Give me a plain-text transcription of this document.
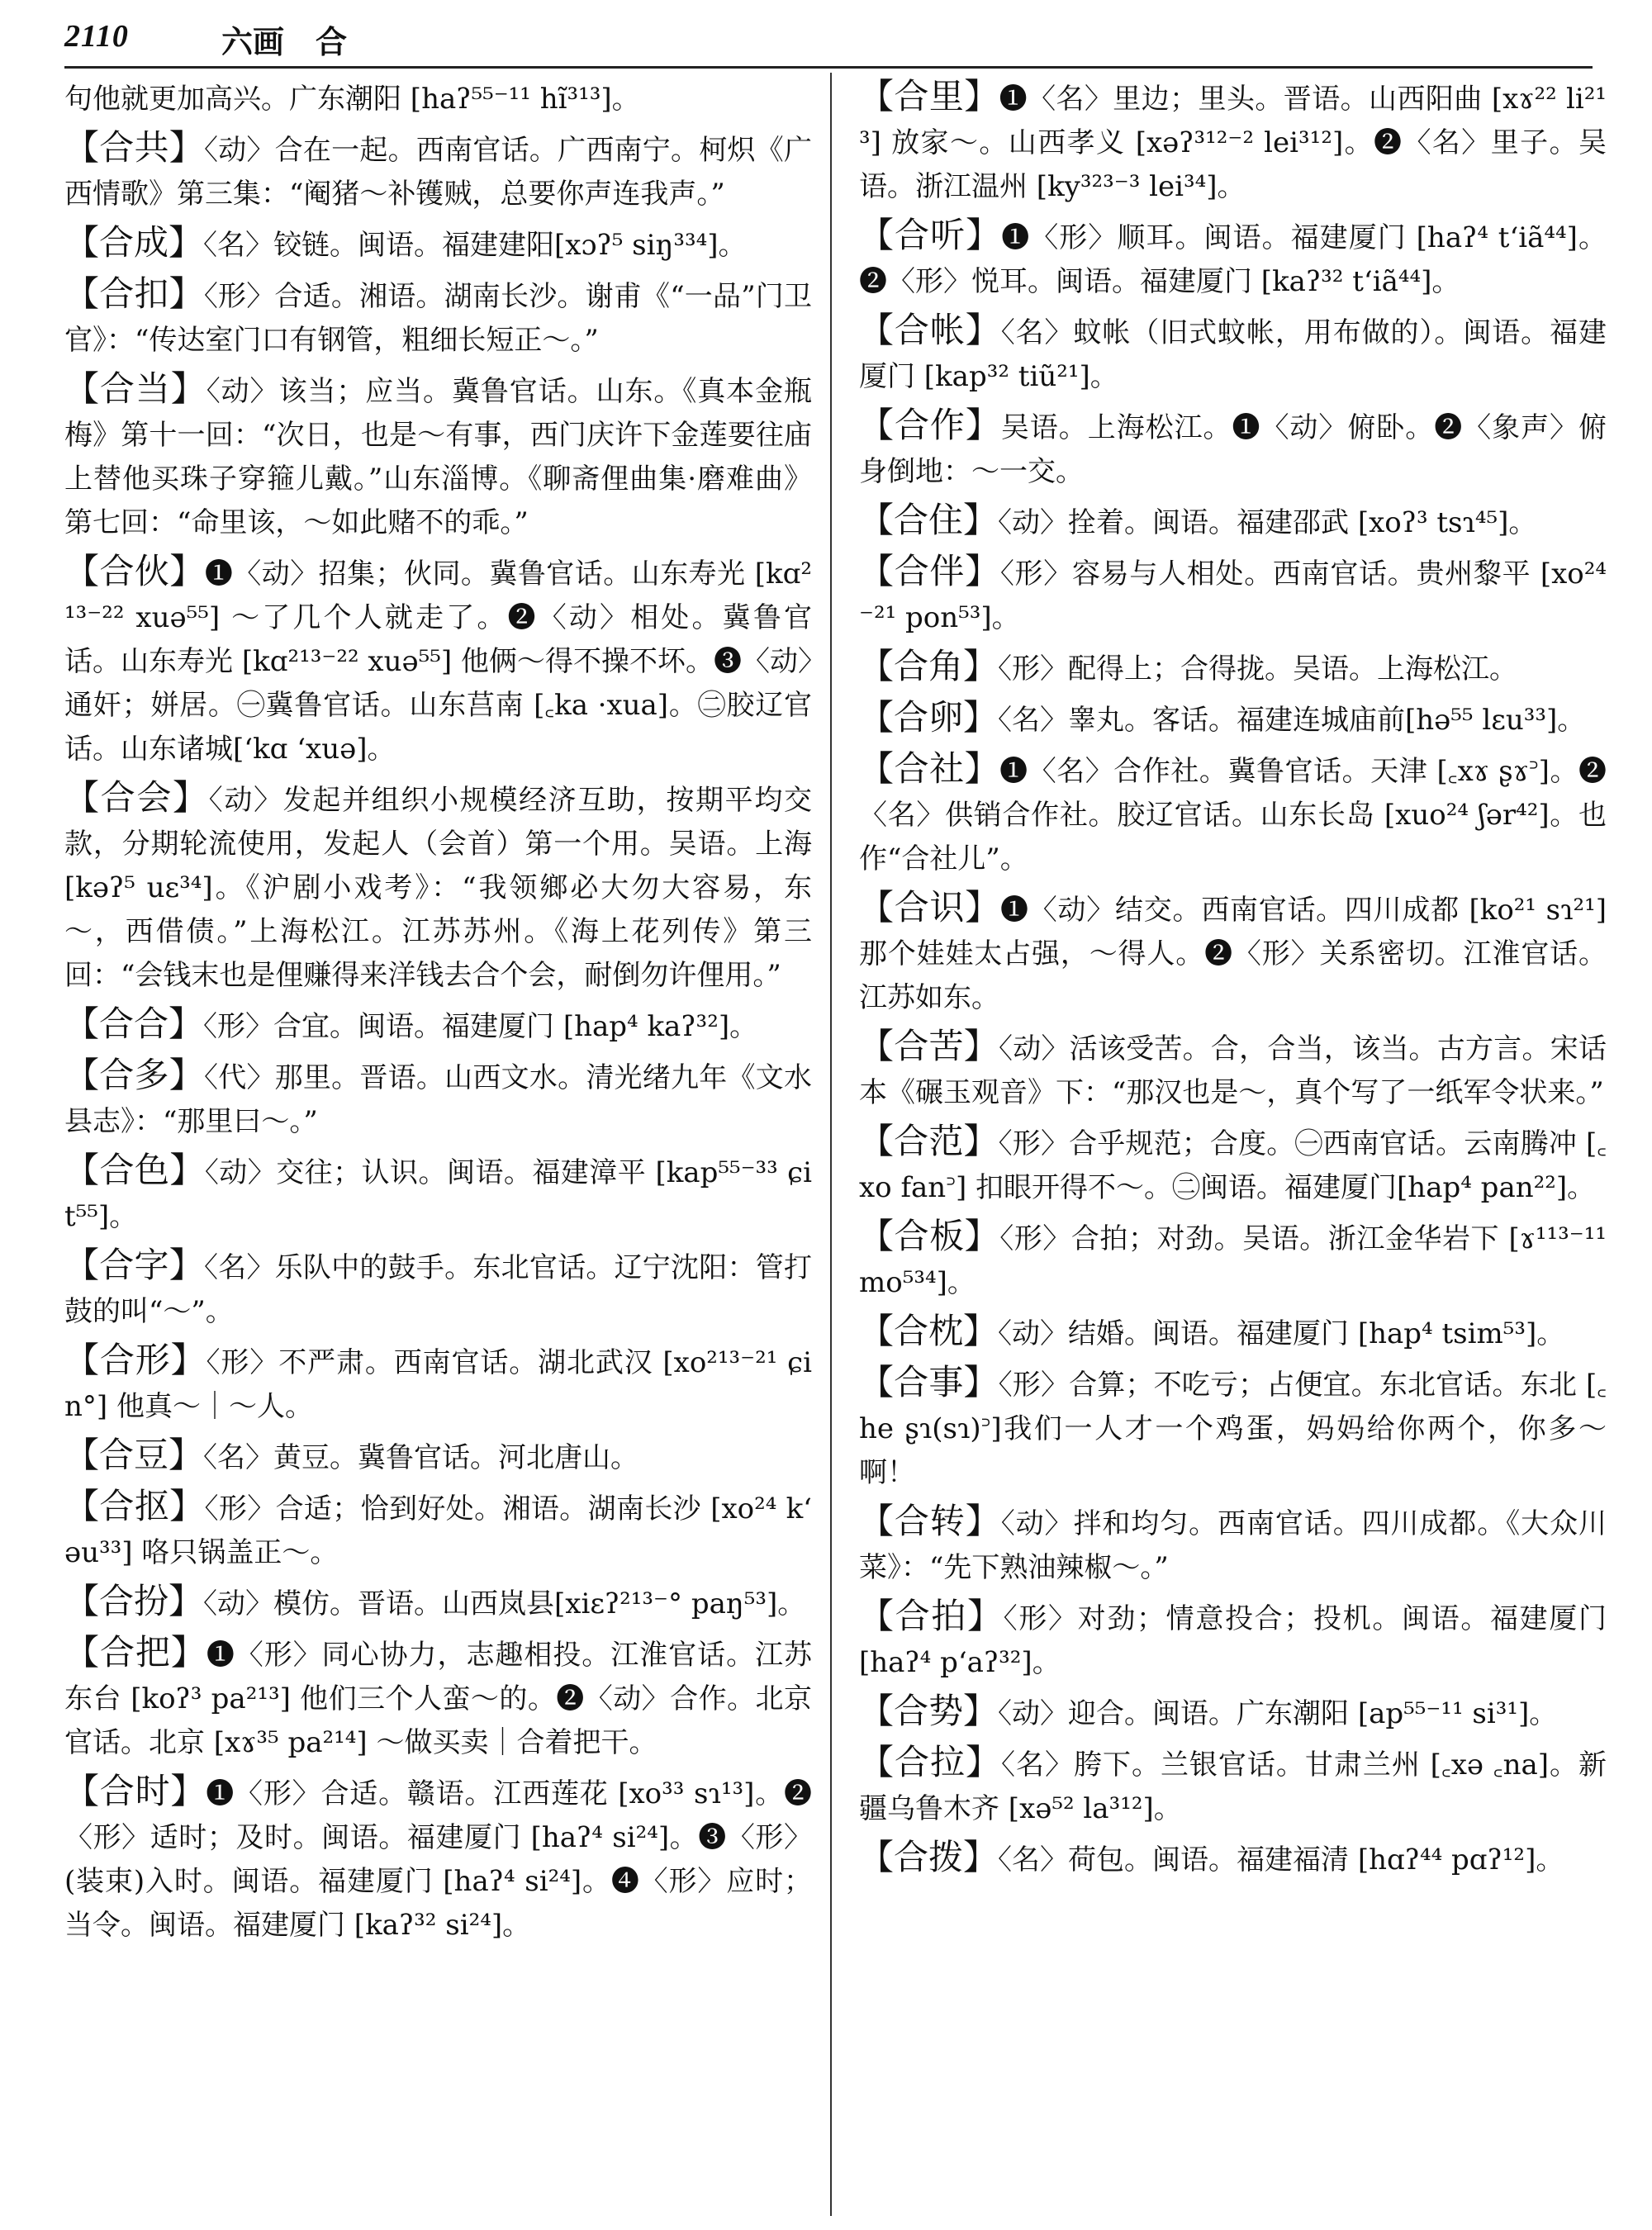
2110	六画　合
句他就更加高兴。广东潮阳 [haʔ⁵⁵⁻¹¹ hĩ³¹³]。
【合共】〈动〉合在一起。西南官话。广西南宁。柯炽《广西情歌》第三集：“阉猪～补镬贼，总要你声连我声。”
【合成】〈名〉铰链。闽语。福建建阳[xɔʔ⁵ siŋ³³⁴]。
【合扣】〈形〉合适。湘语。湖南长沙。谢甫《“一品”门卫官》：“传达室门口有钢管，粗细长短正～。”
【合当】〈动〉该当；应当。冀鲁官话。山东。《真本金瓶梅》第十一回：“次日，也是～有事，西门庆许下金莲要往庙上替他买珠子穿箍儿戴。”山东淄博。《聊斋俚曲集·磨难曲》第七回：“命里该，～如此赌不的乖。”
【合伙】❶〈动〉招集；伙同。冀鲁官话。山东寿光 [kɑ²¹³⁻²² xuə⁵⁵] ～了几个人就走了。❷〈动〉相处。冀鲁官话。山东寿光 [kɑ²¹³⁻²² xuə⁵⁵] 他俩～得不操不坏。❸〈动〉通奸；姘居。㊀冀鲁官话。山东莒南 [꜀ka ·xua]。㊁胶辽官话。山东诸城[ʻkɑ ʻxuə]。
【合会】〈动〉发起并组织小规模经济互助，按期平均交款，分期轮流使用，发起人（会首）第一个用。吴语。上海 [kəʔ⁵ uɛ³⁴]。《沪剧小戏考》：“我领鄉必大勿大容易，东～，西借债。”上海松江。江苏苏州。《海上花列传》第三回：“会钱末也是俚赚得来洋钱去合个会，耐倒勿许俚用。”
【合合】〈形〉合宜。闽语。福建厦门 [hap⁴ kaʔ³²]。
【合多】〈代〉那里。晋语。山西文水。清光绪九年《文水县志》：“那里曰～。”
【合色】〈动〉交往；认识。闽语。福建漳平 [kap⁵⁵⁻³³ ɕit⁵⁵]。
【合字】〈名〉乐队中的鼓手。东北官话。辽宁沈阳：管打鼓的叫“～”。
【合形】〈形〉不严肃。西南官话。湖北武汉 [xo²¹³⁻²¹ ɕin°] 他真～｜～人。
【合豆】〈名〉黄豆。冀鲁官话。河北唐山。
【合抠】〈形〉合适；恰到好处。湘语。湖南长沙 [xo²⁴ kʻəu³³] 咯只锅盖正～。
【合扮】〈动〉模仿。晋语。山西岚县[xiɛʔ²¹³⁻° paŋ⁵³]。
【合把】❶〈形〉同心协力，志趣相投。江淮官话。江苏东台 [koʔ³ pa²¹³] 他们三个人蛮～的。❷〈动〉合作。北京官话。北京 [xɤ³⁵ pa²¹⁴] ～做买卖｜合着把干。
【合时】❶〈形〉合适。赣语。江西莲花 [xo³³ sɿ¹³]。❷〈形〉适时；及时。闽语。福建厦门 [haʔ⁴ si²⁴]。❸〈形〉(装束)入时。闽语。福建厦门 [haʔ⁴ si²⁴]。❹〈形〉应时；当令。闽语。福建厦门 [kaʔ³² si²⁴]。
【合里】❶〈名〉里边；里头。晋语。山西阳曲 [xɤ²² li²¹³] 放家～。山西孝义 [xəʔ³¹²⁻² lei³¹²]。❷〈名〉里子。吴语。浙江温州 [ky³²³⁻³ lei³⁴]。
【合听】❶〈形〉顺耳。闽语。福建厦门 [haʔ⁴ tʻiã⁴⁴]。❷〈形〉悦耳。闽语。福建厦门 [kaʔ³² tʻiã⁴⁴]。
【合帐】〈名〉蚊帐（旧式蚊帐，用布做的）。闽语。福建厦门 [kap³² tiũ²¹]。
【合作】吴语。上海松江。❶〈动〉俯卧。❷〈象声〉俯身倒地：～一交。
【合住】〈动〉拴着。闽语。福建邵武 [xoʔ³ tsɿ⁴⁵]。
【合伴】〈形〉容易与人相处。西南官话。贵州黎平 [xo²⁴⁻²¹ pon⁵³]。
【合角】〈形〉配得上；合得拢。吴语。上海松江。
【合卵】〈名〉睾丸。客话。福建连城庙前[hə⁵⁵ lɛu³³]。
【合社】❶〈名〉合作社。冀鲁官话。天津 [꜀xɤ ʂɤ꜄]。❷〈名〉供销合作社。胶辽官话。山东长岛 [xuo²⁴ ʃər⁴²]。也作“合社儿”。
【合识】❶〈动〉结交。西南官话。四川成都 [ko²¹ sɿ²¹] 那个娃娃太占强，～得人。❷〈形〉关系密切。江淮官话。江苏如东。
【合苦】〈动〉活该受苦。合，合当，该当。古方言。宋话本《碾玉观音》下：“那汉也是～，真个写了一纸军令状来。”
【合范】〈形〉合乎规范；合度。㊀西南官话。云南腾冲 [꜀xo fan꜄] 扣眼开得不～。㊁闽语。福建厦门[hap⁴ pan²²]。
【合板】〈形〉合拍；对劲。吴语。浙江金华岩下 [ɤ¹¹³⁻¹¹ mo⁵³⁴]。
【合枕】〈动〉结婚。闽语。福建厦门 [hap⁴ tsim⁵³]。
【合事】〈形〉合算；不吃亏；占便宜。东北官话。东北 [꜀he ʂɿ(sɿ)꜄]我们一人才一个鸡蛋，妈妈给你两个，你多～啊！
【合转】〈动〉拌和均匀。西南官话。四川成都。《大众川菜》：“先下熟油辣椒～。”
【合拍】〈形〉对劲；情意投合；投机。闽语。福建厦门 [haʔ⁴ pʻaʔ³²]。
【合势】〈动〉迎合。闽语。广东潮阳 [ap⁵⁵⁻¹¹ si³¹]。
【合拉】〈名〉胯下。兰银官话。甘肃兰州 [꜀xə ꜀na]。新疆乌鲁木齐 [xə⁵² la³¹²]。
【合拨】〈名〉荷包。闽语。福建福清 [hɑʔ⁴⁴ pɑʔ¹²]。
